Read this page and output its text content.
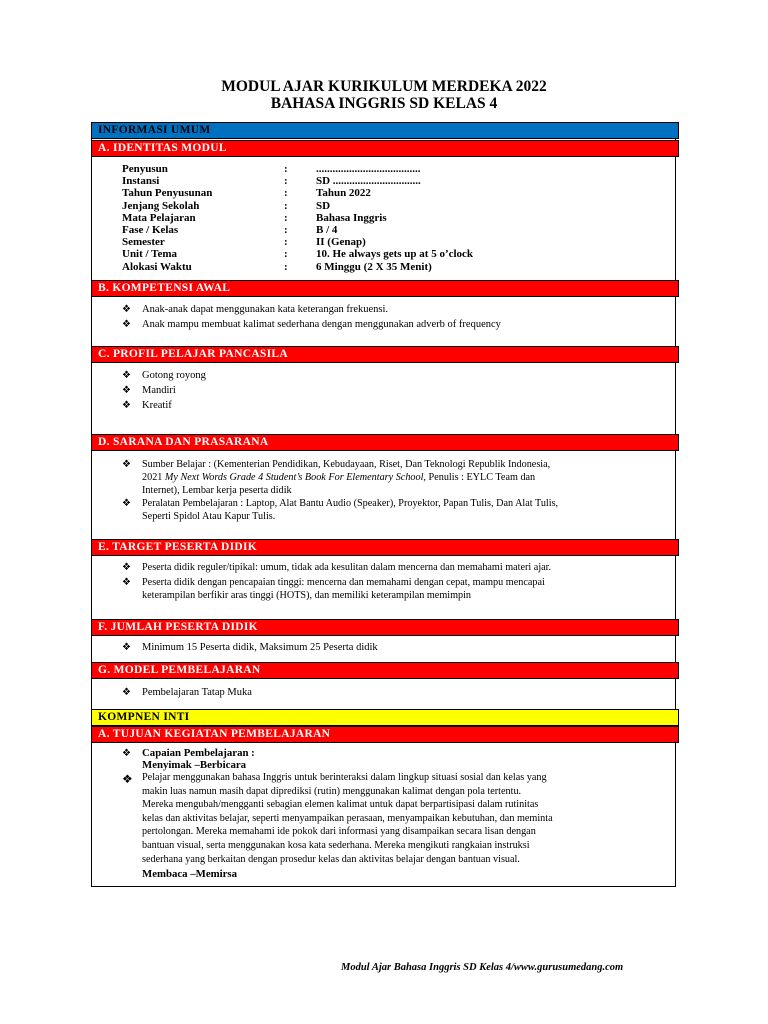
MODUL AJAR KURIKULUM MERDEKA 2022
BAHASA INGGRIS SD KELAS 4
INFORMASI UMUM
A. IDENTITAS MODUL
Penyusun	:	......................................
Instansi	:	SD ................................
Tahun Penyusunan	:	Tahun 2022
Jenjang Sekolah	:	SD
Mata Pelajaran	:	Bahasa Inggris
Fase / Kelas	:	B / 4
Semester	:	II (Genap)
Unit / Tema	:	10. He always gets up at 5 o’clock
Alokasi Waktu	:	6 Minggu (2 X 35 Menit)
B. KOMPETENSI AWAL
❖ Anak-anak dapat menggunakan kata keterangan frekuensi.
❖ Anak mampu membuat kalimat sederhana dengan menggunakan adverb of frequency
C. PROFIL PELAJAR PANCASILA
❖ Gotong royong
❖ Mandiri
❖ Kreatif
D. SARANA DAN PRASARANA
❖ Sumber Belajar : (Kementerian Pendidikan, Kebudayaan, Riset, Dan Teknologi Republik Indonesia,
2021 My Next Words Grade 4 Student’s Book For Elementary School, Penulis : EYLC Team dan
Internet), Lembar kerja peserta didik
❖ Peralatan Pembelajaran : Laptop, Alat Bantu Audio (Speaker), Proyektor, Papan Tulis, Dan Alat Tulis,
Seperti Spidol Atau Kapur Tulis.
E. TARGET PESERTA DIDIK
❖ Peserta didik reguler/tipikal: umum, tidak ada kesulitan dalam mencerna dan memahami materi ajar.
❖ Peserta didik dengan pencapaian tinggi: mencerna dan memahami dengan cepat, mampu mencapai
keterampilan berfikir aras tinggi (HOTS), dan memiliki keterampilan memimpin
F. JUMLAH PESERTA DIDIK
❖ Minimum 15 Peserta didik, Maksimum 25 Peserta didik
G. MODEL PEMBELAJARAN
❖ Pembelajaran Tatap Muka
KOMPNEN INTI
A. TUJUAN KEGIATAN PEMBELAJARAN
❖ Capaian Pembelajaran :
Menyimak –Berbicara
❖ Pelajar menggunakan bahasa Inggris untuk berinteraksi dalam lingkup situasi sosial dan kelas yang
makin luas namun masih dapat diprediksi (rutin) menggunakan kalimat dengan pola tertentu.
Mereka mengubah/mengganti sebagian elemen kalimat untuk dapat berpartisipasi dalam rutinitas
kelas dan aktivitas belajar, seperti menyampaikan perasaan, menyampaikan kebutuhan, dan meminta
pertolongan. Mereka memahami ide pokok dari informasi yang disampaikan secara lisan dengan
bantuan visual, serta menggunakan kosa kata sederhana. Mereka mengikuti rangkaian instruksi
sederhana yang berkaitan dengan prosedur kelas dan aktivitas belajar dengan bantuan visual.
Membaca –Memirsa
Modul Ajar Bahasa Inggris SD Kelas 4/www.gurusumedang.com
